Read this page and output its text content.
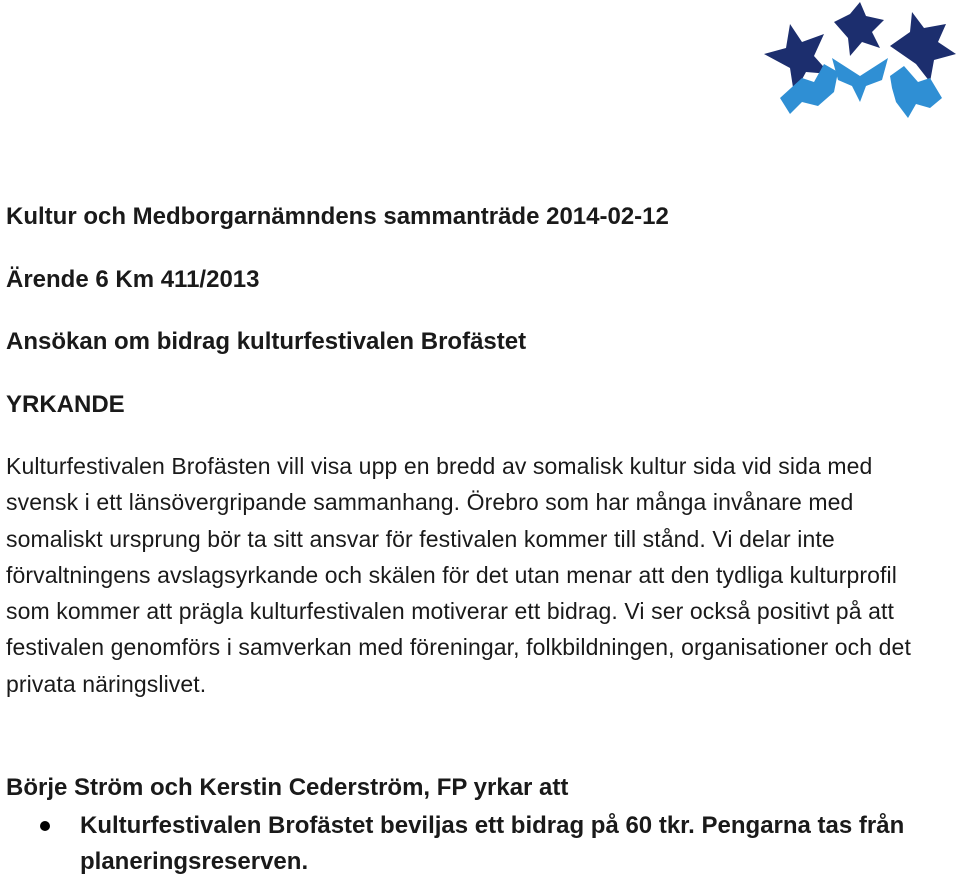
Kultur och Medborgarnämndens sammanträde 2014-02-12
Ärende 6 Km 411/2013
Ansökan om bidrag kulturfestivalen Brofästet
YRKANDE

Kulturfestivalen Brofästen vill visa upp en bredd av somalisk kultur sida vid sida med svensk i ett länsövergripande sammanhang. Örebro som har många invånare med somaliskt ursprung bör ta sitt ansvar för festivalen kommer till stånd. Vi delar inte förvaltningens avslagsyrkande och skälen för det utan menar att den tydliga kulturprofil som kommer att prägla kulturfestivalen motiverar ett bidrag. Vi ser också positivt på att festivalen genomförs i samverkan med föreningar, folkbildningen, organisationer och det privata näringslivet.

Börje Ström och Kerstin Cederström, FP yrkar att

Kulturfestivalen Brofästet beviljas ett bidrag på 60 tkr. Pengarna tas från planeringsreserven.
